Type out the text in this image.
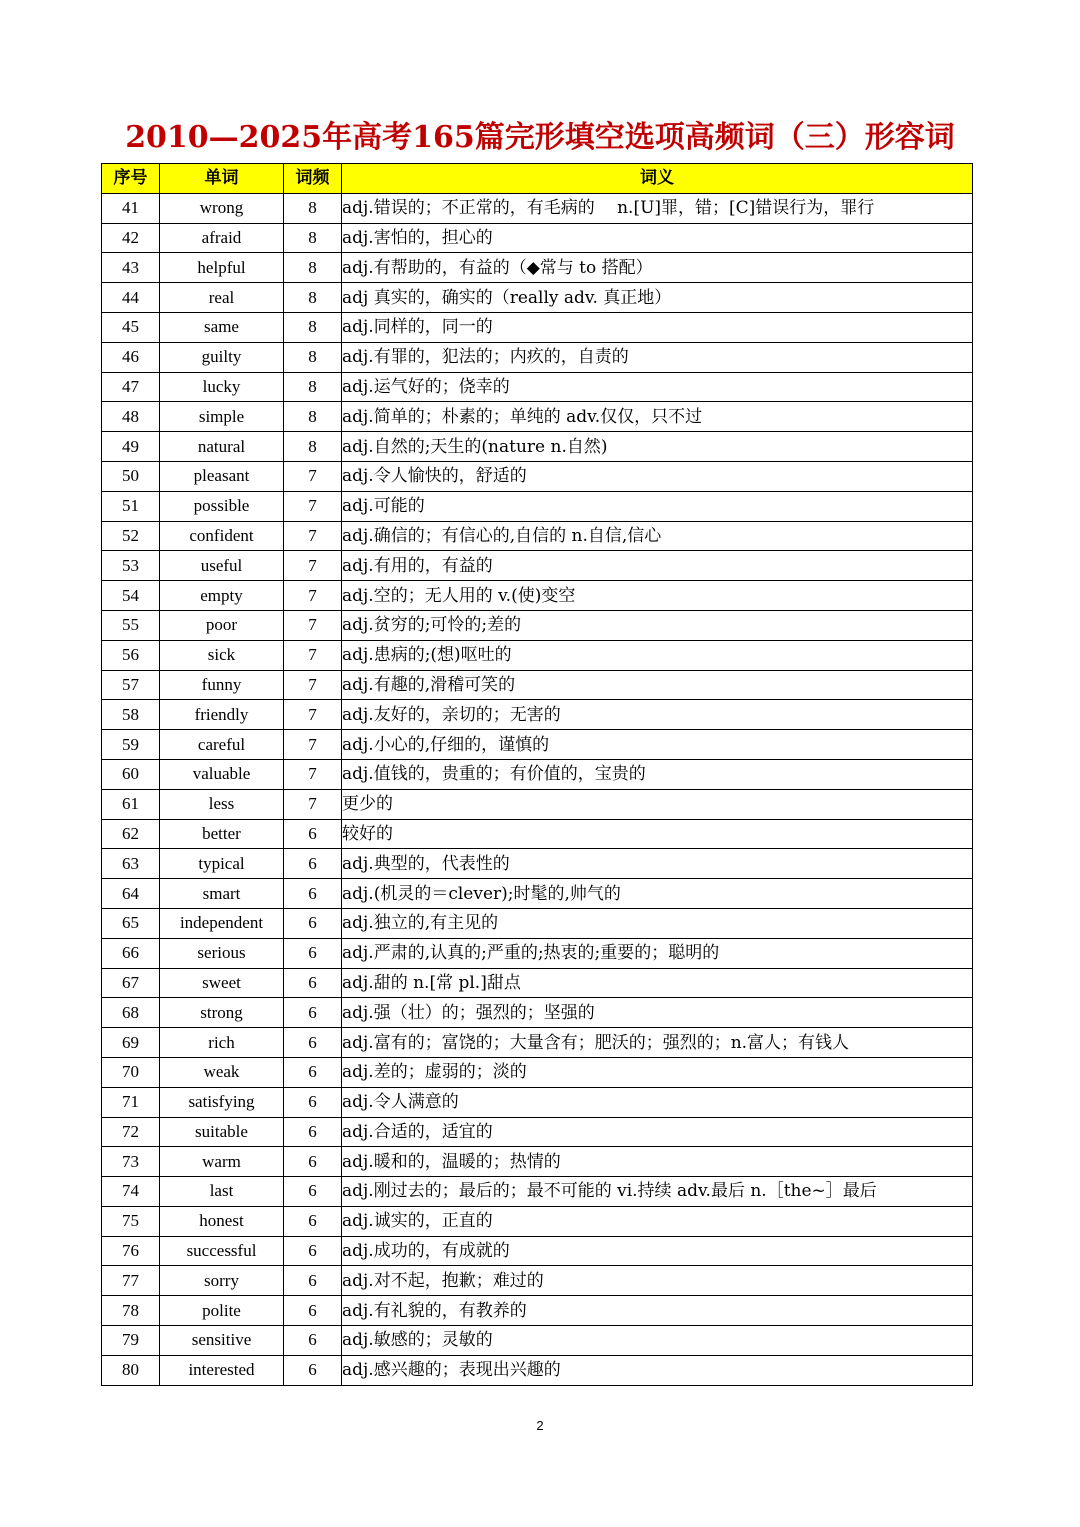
2010—2025年高考165篇完形填空选项高频词（三）形容词
序号	单词	词频	词义
41	wrong	8	adj.错误的；不正常的，有毛病的　 n.[U]罪，错；[C]错误行为，罪行
42	afraid	8	adj.害怕的，担心的
43	helpful	8	adj.有帮助的，有益的（◆常与 to 搭配）
44	real	8	adj 真实的，确实的（really adv. 真正地）
45	same	8	adj.同样的，同一的
46	guilty	8	adj.有罪的，犯法的；内疚的，自责的
47	lucky	8	adj.运气好的；侥幸的
48	simple	8	adj.简单的；朴素的；单纯的 adv.仅仅，只不过
49	natural	8	adj.自然的;天生的(nature n.自然)
50	pleasant	7	adj.令人愉快的，舒适的
51	possible	7	adj.可能的
52	confident	7	adj.确信的；有信心的,自信的 n.自信,信心
53	useful	7	adj.有用的，有益的
54	empty	7	adj.空的；无人用的 v.(使)变空
55	poor	7	adj.贫穷的;可怜的;差的
56	sick	7	adj.患病的;(想)呕吐的
57	funny	7	adj.有趣的,滑稽可笑的
58	friendly	7	adj.友好的，亲切的；无害的
59	careful	7	adj.小心的,仔细的，谨慎的
60	valuable	7	adj.值钱的，贵重的；有价值的，宝贵的
61	less	7	更少的
62	better	6	较好的
63	typical	6	adj.典型的，代表性的
64	smart	6	adj.(机灵的＝clever);时髦的,帅气的
65	independent	6	adj.独立的,有主见的
66	serious	6	adj.严肃的,认真的;严重的;热衷的;重要的；聪明的
67	sweet	6	adj.甜的 n.[常 pl.]甜点
68	strong	6	adj.强（壮）的；强烈的；坚强的
69	rich	6	adj.富有的；富饶的；大量含有；肥沃的；强烈的；n.富人；有钱人
70	weak	6	adj.差的；虚弱的；淡的
71	satisfying	6	adj.令人满意的
72	suitable	6	adj.合适的，适宜的
73	warm	6	adj.暖和的，温暖的；热情的
74	last	6	adj.刚过去的；最后的；最不可能的 vi.持续 adv.最后 n.［the~］最后
75	honest	6	adj.诚实的，正直的
76	successful	6	adj.成功的，有成就的
77	sorry	6	adj.对不起，抱歉；难过的
78	polite	6	adj.有礼貌的，有教养的
79	sensitive	6	adj.敏感的；灵敏的
80	interested	6	adj.感兴趣的；表现出兴趣的
2
